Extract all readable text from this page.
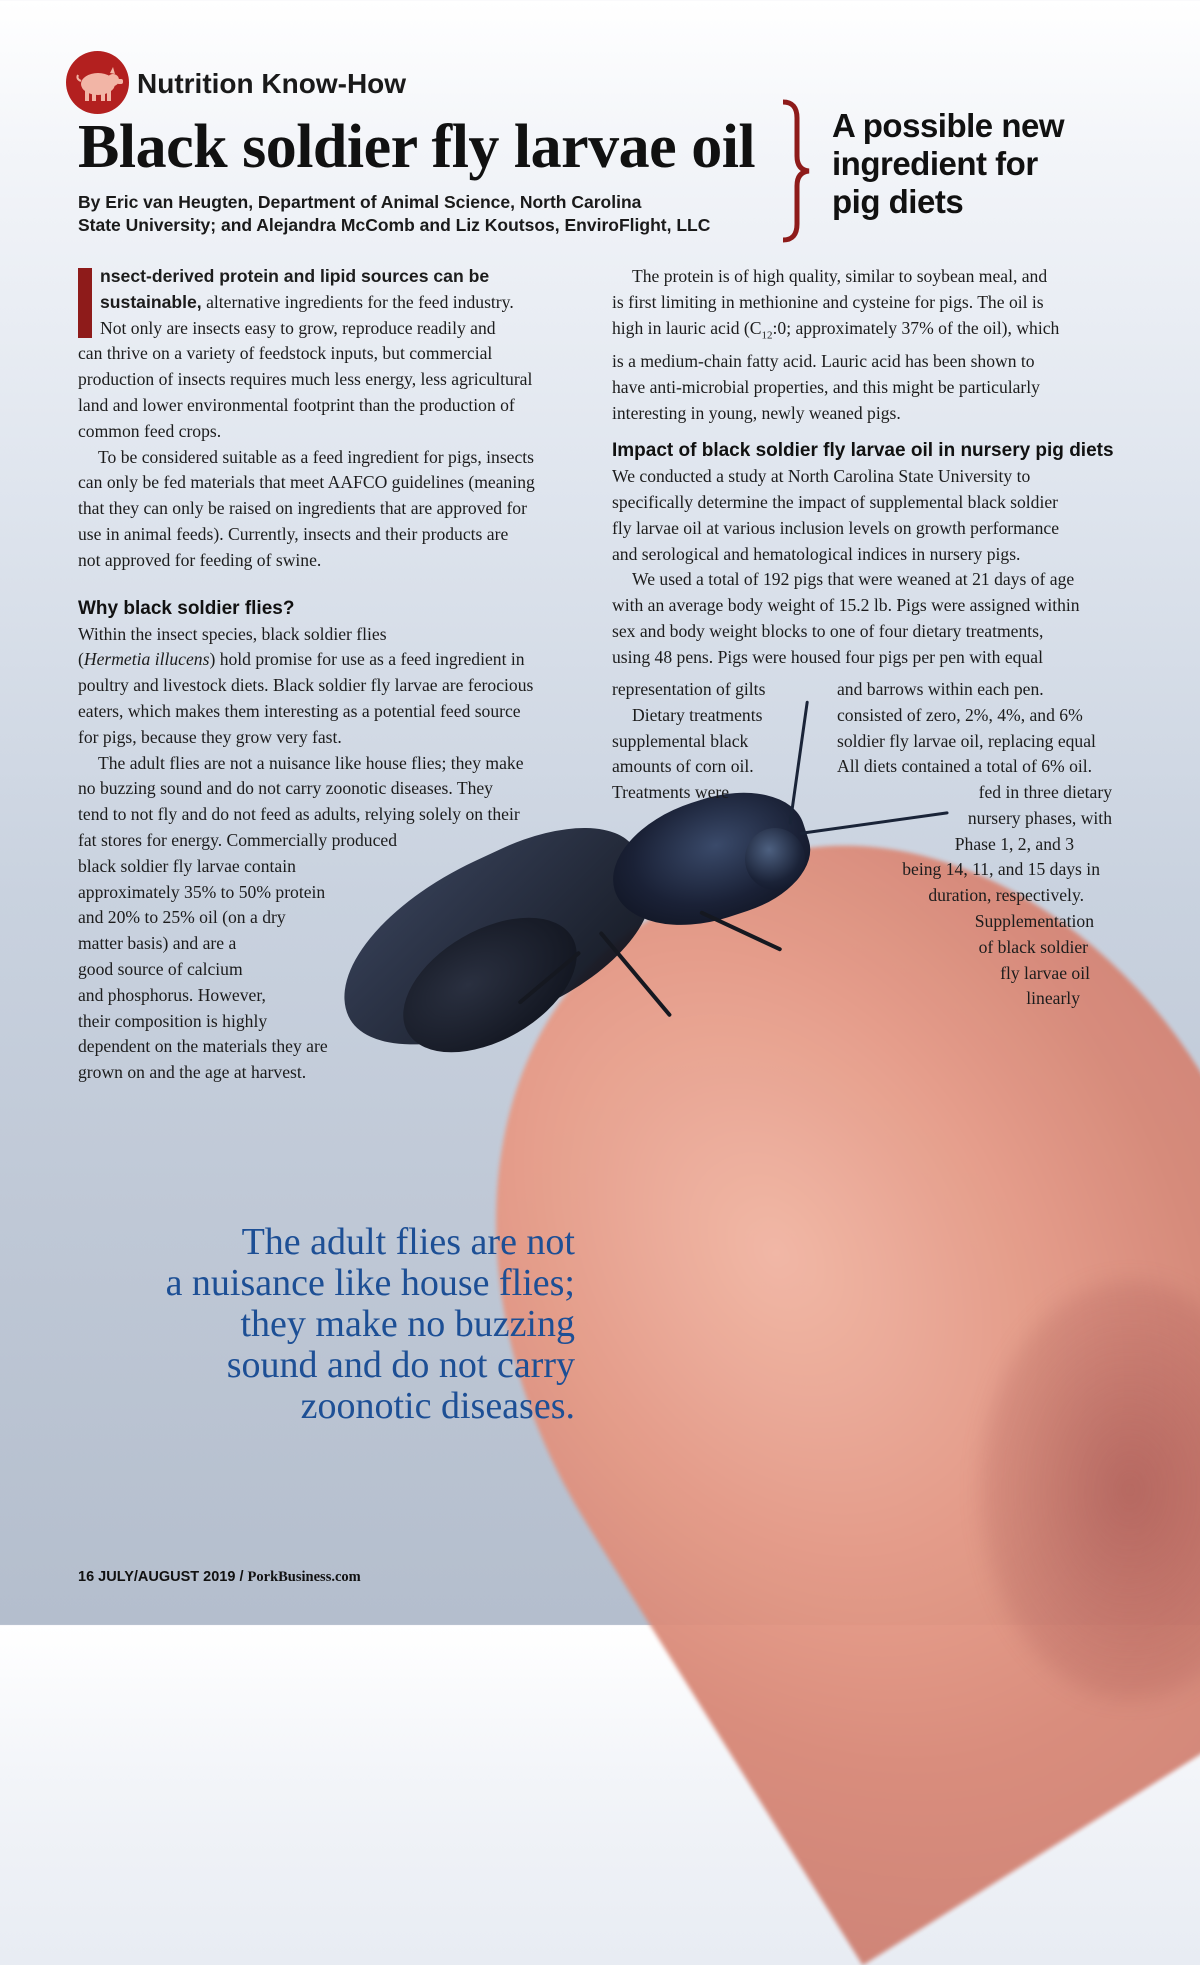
Nutrition Know-How
Black soldier fly larvae oil
By Eric van Heugten, Department of Animal Science, North Carolina
State University; and Alejandra McComb and Liz Koutsos, EnviroFlight, LLC
A possible new
ingredient for
pig diets
nsect-derived protein and lipid sources can be
sustainable, alternative ingredients for the feed industry.
Not only are insects easy to grow, reproduce readily and
can thrive on a variety of feedstock inputs, but commercial
production of insects requires much less energy, less agricultural
land and lower environmental footprint than the production of
common feed crops.
To be considered suitable as a feed ingredient for pigs, insects
can only be fed materials that meet AAFCO guidelines (meaning
that they can only be raised on ingredients that are approved for
use in animal feeds). Currently, insects and their products are
not approved for feeding of swine.
Why black soldier flies?
Within the insect species, black soldier flies
(Hermetia illucens) hold promise for use as a feed ingredient in
poultry and livestock diets. Black soldier fly larvae are ferocious
eaters, which makes them interesting as a potential feed source
for pigs, because they grow very fast.
The adult flies are not a nuisance like house flies; they make
no buzzing sound and do not carry zoonotic diseases. They
tend to not fly and do not feed as adults, relying solely on their
fat stores for energy. Commercially produced
black soldier fly larvae contain
approximately 35% to 50% protein
and 20% to 25% oil (on a dry
matter basis) and are a
good source of calcium
and phosphorus. However,
their composition is highly
dependent on the materials they are
grown on and the age at harvest.
The protein is of high quality, similar to soybean meal, and
is first limiting in methionine and cysteine for pigs. The oil is
high in lauric acid ($C_{12}:0$; approximately 37% of the oil), which
is a medium-chain fatty acid. Lauric acid has been shown to
have anti-microbial properties, and this might be particularly
interesting in young, newly weaned pigs.
Impact of black soldier fly larvae oil in nursery pig diets
We conducted a study at North Carolina State University to
specifically determine the impact of supplemental black soldier
fly larvae oil at various inclusion levels on growth performance
and serological and hematological indices in nursery pigs.
We used a total of 192 pigs that were weaned at 21 days of age
with an average body weight of 15.2 lb. Pigs were assigned within
sex and body weight blocks to one of four dietary treatments,
using 48 pens. Pigs were housed four pigs per pen with equal
representation of gilts
Dietary treatments
supplemental black
amounts of corn oil.
Treatments were
and barrows within each pen.
consisted of zero, 2%, 4%, and 6%
soldier fly larvae oil, replacing equal
All diets contained a total of 6% oil.
fed in three dietary
nursery phases, with
Phase 1, 2, and 3
being 14, 11, and 15 days in
duration, respectively.
Supplementation
of black soldier
fly larvae oil
linearly
The adult flies are not
a nuisance like house flies;
they make no buzzing
sound and do not carry
zoonotic diseases.
16 JULY/AUGUST 2019 / PorkBusiness.com
